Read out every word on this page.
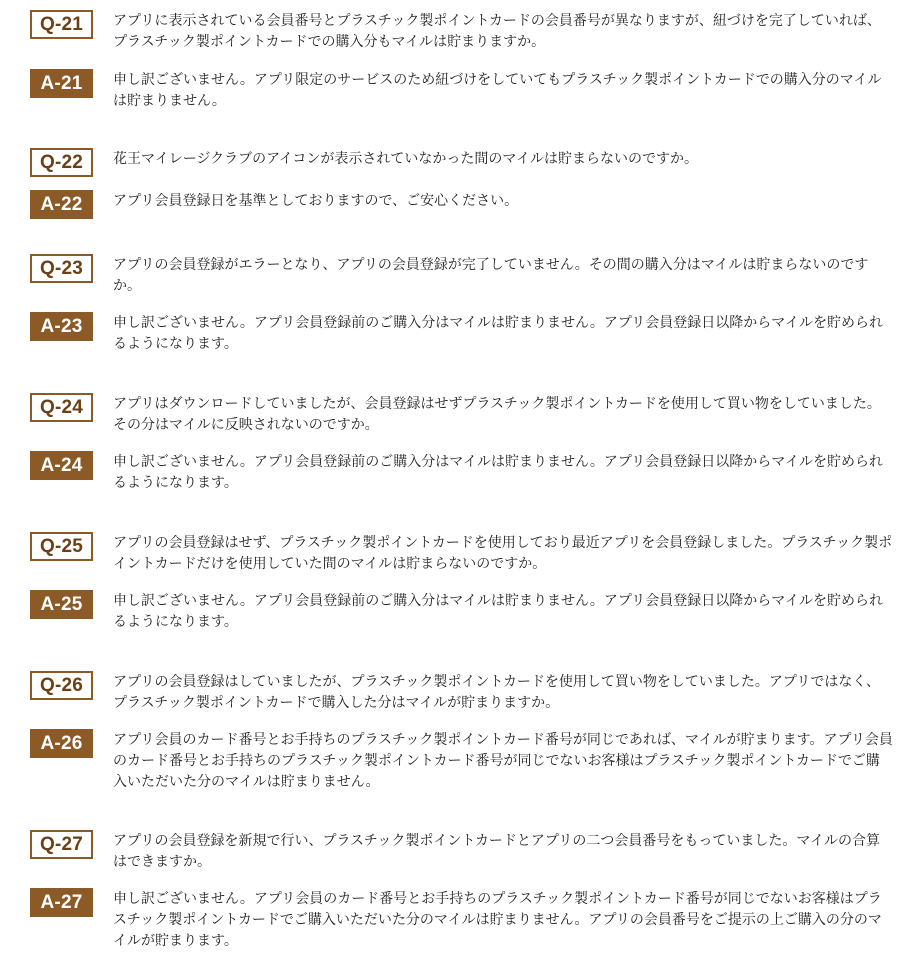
Q-21	アプリに表示されている会員番号とプラスチック製ポイントカードの会員番号が異なりますが、紐づけを完了していれば、プラスチック製ポイントカードでの購入分もマイルは貯まりますか。
A-21	申し訳ございません。アプリ限定のサービスのため紐づけをしていてもプラスチック製ポイントカードでの購入分のマイルは貯まりません。
Q-22	花王マイレージクラブのアイコンが表示されていなかった間のマイルは貯まらないのですか。
A-22	アプリ会員登録日を基準としておりますので、ご安心ください。
Q-23	アプリの会員登録がエラーとなり、アプリの会員登録が完了していません。その間の購入分はマイルは貯まらないのですか。
A-23	申し訳ございません。アプリ会員登録前のご購入分はマイルは貯まりません。アプリ会員登録日以降からマイルを貯められるようになります。
Q-24	アプリはダウンロードしていましたが、会員登録はせずプラスチック製ポイントカードを使用して買い物をしていました。その分はマイルに反映されないのですか。
A-24	申し訳ございません。アプリ会員登録前のご購入分はマイルは貯まりません。アプリ会員登録日以降からマイルを貯められるようになります。
Q-25	アプリの会員登録はせず、プラスチック製ポイントカードを使用しており最近アプリを会員登録しました。プラスチック製ポイントカードだけを使用していた間のマイルは貯まらないのですか。
A-25	申し訳ございません。アプリ会員登録前のご購入分はマイルは貯まりません。アプリ会員登録日以降からマイルを貯められるようになります。
Q-26	アプリの会員登録はしていましたが、プラスチック製ポイントカードを使用して買い物をしていました。アプリではなく、プラスチック製ポイントカードで購入した分はマイルが貯まりますか。
A-26	アプリ会員のカード番号とお手持ちのプラスチック製ポイントカード番号が同じであれば、マイルが貯まります。アプリ会員のカード番号とお手持ちのプラスチック製ポイントカード番号が同じでないお客様はプラスチック製ポイントカードでご購入いただいた分のマイルは貯まりません。
Q-27	アプリの会員登録を新規で行い、プラスチック製ポイントカードとアプリの二つ会員番号をもっていました。マイルの合算はできますか。
A-27	申し訳ございません。アプリ会員のカード番号とお手持ちのプラスチック製ポイントカード番号が同じでないお客様はプラスチック製ポイントカードでご購入いただいた分のマイルは貯まりません。アプリの会員番号をご提示の上ご購入の分のマイルが貯まります。
